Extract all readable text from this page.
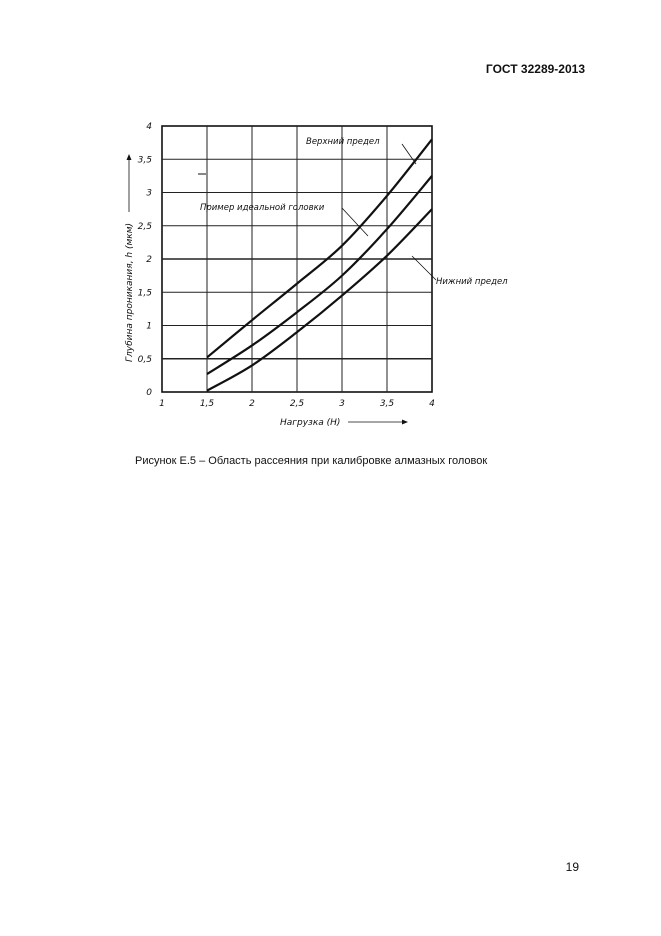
ГОСТ 32289-2013
1	1,5	2	2,5	3	3,5	4
0
0,5
1
1,5
2
2,5
3
3,5
4
Нагрузка (Н)
Глубина проникания, h (мкм)
Верхний предел
Пример идеальной головки
Нижний предел
Рисунок Е.5 – Область рассеяния при калибровке алмазных головок
19
